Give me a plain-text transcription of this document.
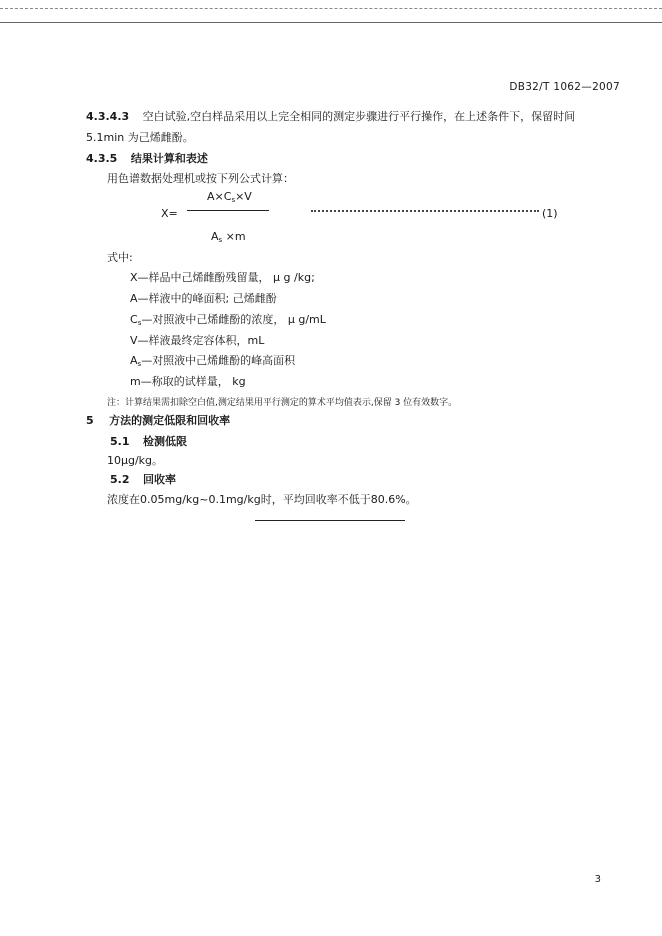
DB32/T 1062—2007
4.3.4.3 空白试验,空白样品采用以上完全相同的测定步骤进行平行操作，在上述条件下，保留时间
5.1min 为己烯雌酚。
4.3.5 结果计算和表述
用色谱数据处理机或按下列公式计算：
$A\times C_s\times V$
X=	(1)
$A_s \times m$
式中:
X—样品中己烯雌酚残留量， μ g /kg;
A—样液中的峰面积; 己烯雌酚
$C_s—$对照液中己烯雌酚的浓度， μ g/mL
V—样液最终定容体积，mL
$A_s—$对照液中己烯雌酚的峰高面积
m—称取的试样量， kg
注：计算结果需扣除空白值,测定结果用平行测定的算术平均值表示,保留 3 位有效数字。
5 方法的测定低限和回收率
5.1 检测低限
10μg/kg。
5.2 回收率
浓度在0.05mg/kg~0.1mg/kg时，平均回收率不低于80.6%。
3
